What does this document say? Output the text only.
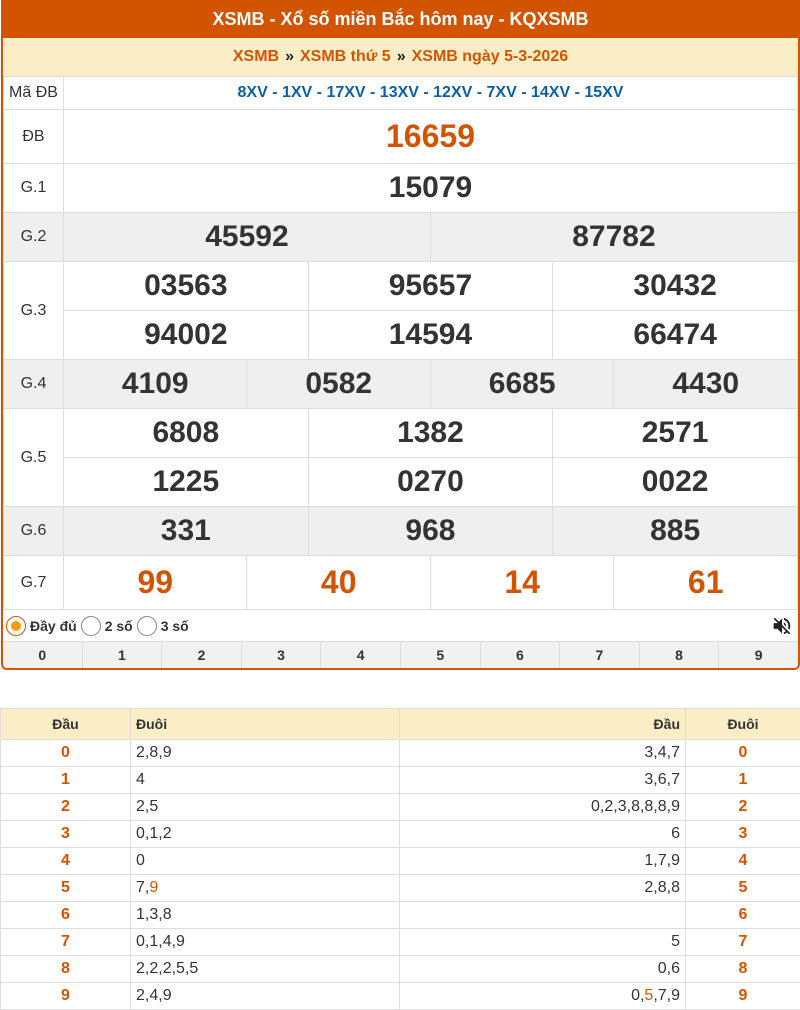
XSMB - Xổ số miền Bắc hôm nay - KQXSMB
XSMB » XSMB thứ 5 » XSMB ngày 5-3-2026
Mã ĐB	8XV - 1XV - 17XV - 13XV - 12XV - 7XV - 14XV - 15XV					
ĐB	16659					
G.1	15079					
G.2	45592			87782		
G.3	03563		95657		30432	
	94002		14594		66474	
G.4	4109	0582		6685		4430
G.5	6808		1382		2571	
	1225		0270		0022	
G.6	331		968		885	
G.7	99	40		14		61
Đầy đủ 2 số 3 số
0	1	2	3	4	5	6	7	8	9
Đầu	Đuôi	Đầu	Đuôi
0	2,8,9	3,4,7	0
1	4	3,6,7	1
2	2,5	0,2,3,8,8,8,9	2
3	0,1,2	6	3
4	0	1,7,9	4
5	7,9	2,8,8	5
6	1,3,8		6
7	0,1,4,9	5	7
8	2,2,2,5,5	0,6	8
9	2,4,9	0,5,7,9	9
